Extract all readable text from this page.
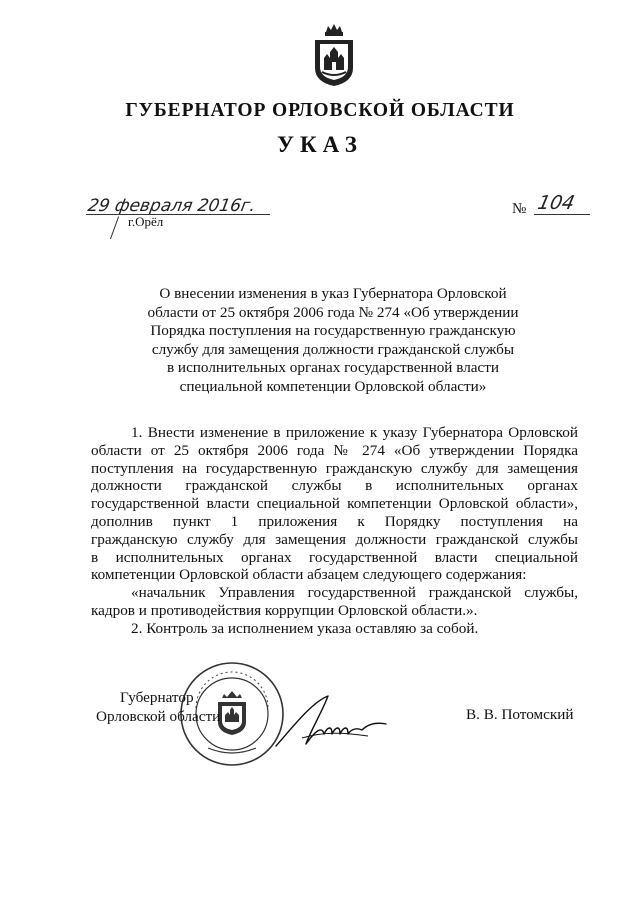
ГУБЕРНАТОР ОРЛОВСКОЙ ОБЛАСТИ
УКАЗ
29 февраля 2016г.
г.Орёл
№ 104
О внесении изменения в указ Губернатора Орловской
области от 25 октября 2006 года № 274 «Об утверждении
Порядка поступления на государственную гражданскую
службу для замещения должности гражданской службы
в исполнительных органах государственной власти
специальной компетенции Орловской области»
1. Внести изменение в приложение к указу Губернатора Орловской
области от 25 октября 2006 года № 274 «Об утверждении Порядка
поступления на государственную гражданскую службу для замещения
должности гражданской службы в исполнительных органах
государственной власти специальной компетенции Орловской области»,
дополнив пункт 1 приложения к Порядку поступления на
гражданскую службу для замещения должности гражданской службы
в исполнительных органах государственной власти специальной
компетенции Орловской области абзацем следующего содержания:
«начальник Управления государственной гражданской службы,
кадров и противодействия коррупции Орловской области.».
2. Контроль за исполнением указа оставляю за собой.
Губернатор
Орловской области	В. В. Потомский
